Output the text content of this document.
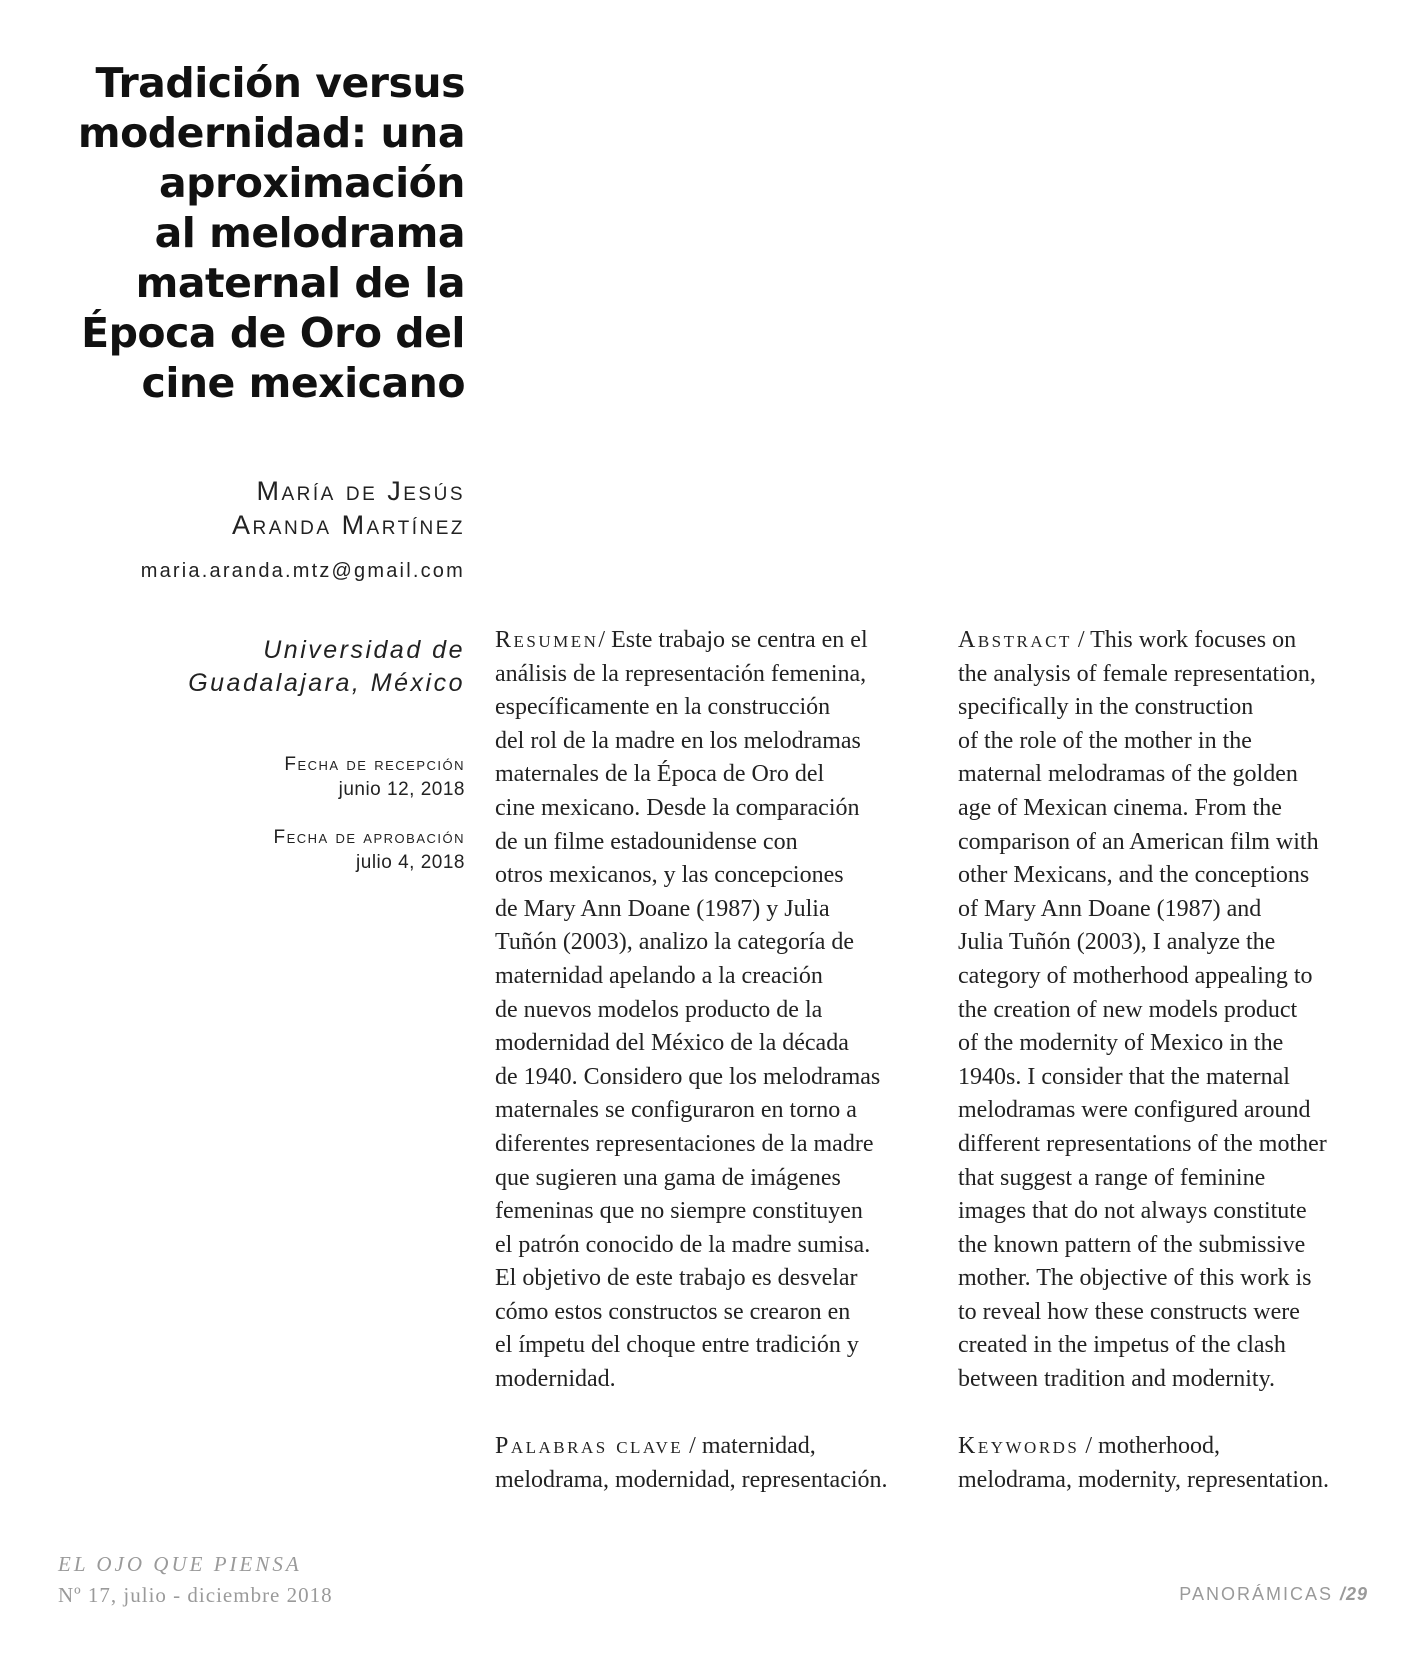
Tradición versus
modernidad: una
aproximación
al melodrama
maternal de la
Época de Oro del
cine mexicano
María de Jesús
Aranda Martínez
maria.aranda.mtz@gmail.com
Universidad de
Guadalajara, México
Fecha de recepción
junio 12, 2018
Fecha de aprobación
julio 4, 2018
Resumen/ Este trabajo se centra en el
análisis de la representación femenina,
específicamente en la construcción
del rol de la madre en los melodramas
maternales de la Época de Oro del
cine mexicano. Desde la comparación
de un filme estadounidense con
otros mexicanos, y las concepciones
de Mary Ann Doane (1987) y Julia
Tuñón (2003), analizo la categoría de
maternidad apelando a la creación
de nuevos modelos producto de la
modernidad del México de la década
de 1940. Considero que los melodramas
maternales se configuraron en torno a
diferentes representaciones de la madre
que sugieren una gama de imágenes
femeninas que no siempre constituyen
el patrón conocido de la madre sumisa.
El objetivo de este trabajo es desvelar
cómo estos constructos se crearon en
el ímpetu del choque entre tradición y
modernidad.
Palabras clave / maternidad,
melodrama, modernidad, representación.
Abstract / This work focuses on
the analysis of female representation,
specifically in the construction
of the role of the mother in the
maternal melodramas of the golden
age of Mexican cinema. From the
comparison of an American film with
other Mexicans, and the conceptions
of Mary Ann Doane (1987) and
Julia Tuñón (2003), I analyze the
category of motherhood appealing to
the creation of new models product
of the modernity of Mexico in the
1940s. I consider that the maternal
melodramas were configured around
different representations of the mother
that suggest a range of feminine
images that do not always constitute
the known pattern of the submissive
mother. The objective of this work is
to reveal how these constructs were
created in the impetus of the clash
between tradition and modernity.
Keywords / motherhood,
melodrama, modernity, representation.
EL OJO QUE PIENSA
Nº 17, julio - diciembre 2018	PANORÁMICAS /29
